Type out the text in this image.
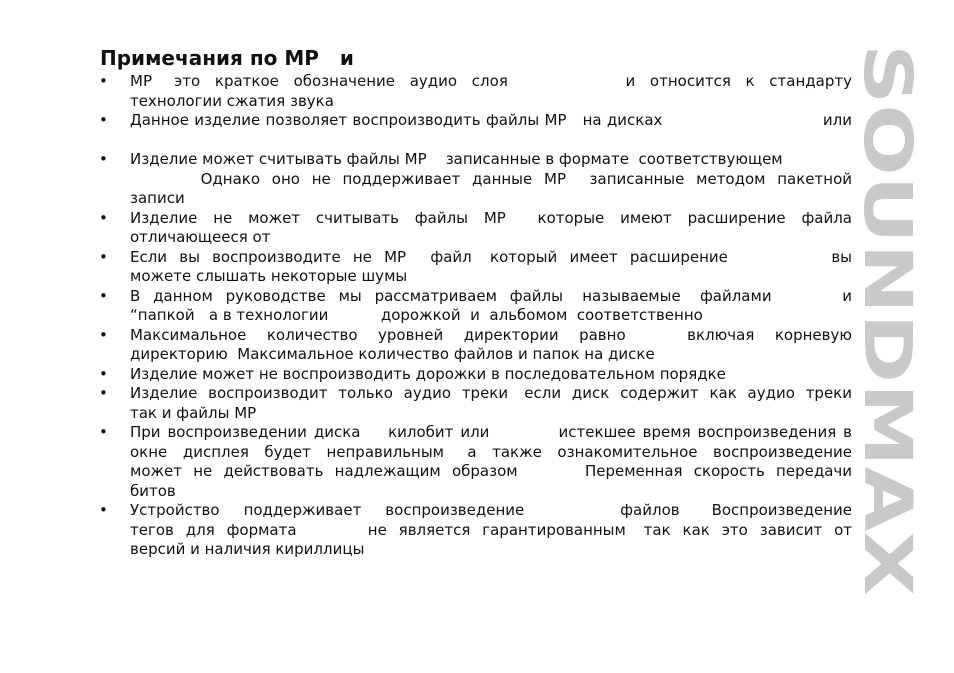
Примечания по MP   и
• MP   это  краткое  обозначение  аудио  слоя                и  относится  к  стандарту
технологии сжатия звука
• Данное изделие позволяет воспроизводить файлы MP   на дисках                              или
• Изделие может считывать файлы MP    записанные в формате  соответствующем
Однако  оно  не  поддерживает  данные  MP    записанные  методом  пакетной
записи
• Изделие  не  может  считывать  файлы  MP    которые  имеют  расширение  файла
отличающееся от
• Если  вы  воспроизводите  не  MP    файл   который  имеет  расширение                 вы
можете слышать некоторые шумы
• В  данном  руководстве  мы  рассматриваем  файлы   называемые   файлами           и
“папкой   а в технологии           дорожкой  и  альбомом  соответственно
• Максимальное   количество   уровней   директории   равно         включая   корневую
директорию  Максимальное количество файлов и папок на диске
• Изделие может не воспроизводить дорожки в последовательном порядке
• Изделие  воспроизводит  только  аудио  треки   если  диск  содержит  как  аудио  треки
так и файлы MP
• При воспроизведении диска    килобит или          истекшее время воспроизведения в
окне  дисплея  будет  неправильным   а  также  ознакомительное  воспроизведение
может  не  действовать  надлежащим  образом            Переменная  скорость  передачи
битов
• Устройство   поддерживает   воспроизведение            файлов    Воспроизведение
тегов  для  формата            не  является  гарантированным   так  как  это  зависит  от
версий и наличия кириллицы
SOUNDMAX
